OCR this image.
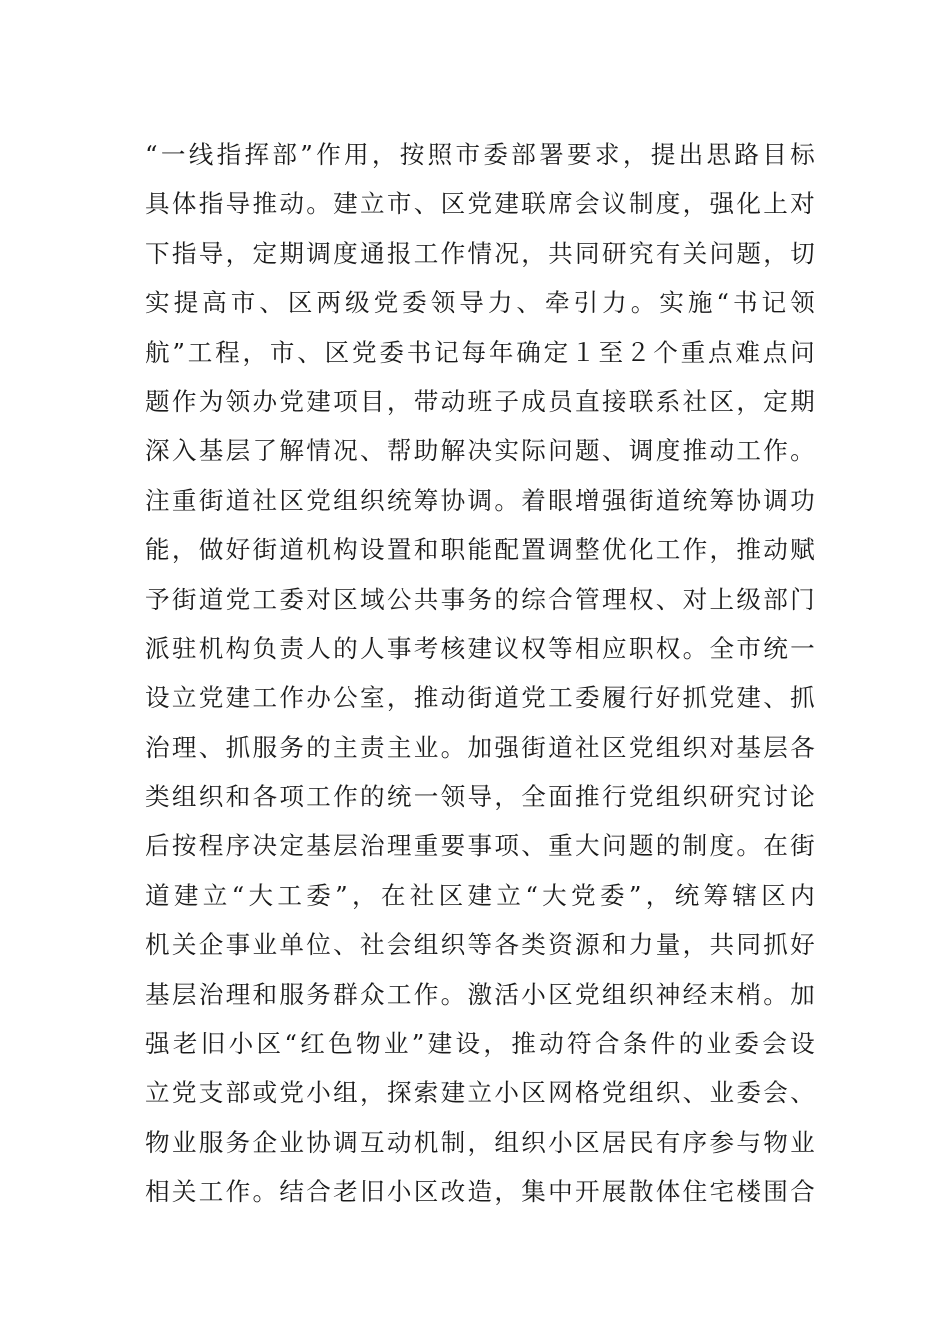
“一线指挥部”作用，按照市委部署要求，提出思路目标
具体指导推动。建立市、区党建联席会议制度，强化上对
下指导，定期调度通报工作情况，共同研究有关问题，切
实提高市、区两级党委领导力、牵引力。实施“书记领
航”工程，市、区党委书记每年确定１至２个重点难点问
题作为领办党建项目，带动班子成员直接联系社区，定期
深入基层了解情况、帮助解决实际问题、调度推动工作。
注重街道社区党组织统筹协调。着眼增强街道统筹协调功
能，做好街道机构设置和职能配置调整优化工作，推动赋
予街道党工委对区域公共事务的综合管理权、对上级部门
派驻机构负责人的人事考核建议权等相应职权。全市统一
设立党建工作办公室，推动街道党工委履行好抓党建、抓
治理、抓服务的主责主业。加强街道社区党组织对基层各
类组织和各项工作的统一领导，全面推行党组织研究讨论
后按程序决定基层治理重要事项、重大问题的制度。在街
道建立“大工委”，在社区建立“大党委”，统筹辖区内
机关企事业单位、社会组织等各类资源和力量，共同抓好
基层治理和服务群众工作。激活小区党组织神经末梢。加
强老旧小区“红色物业”建设，推动符合条件的业委会设
立党支部或党小组，探索建立小区网格党组织、业委会、
物业服务企业协调互动机制，组织小区居民有序参与物业
相关工作。结合老旧小区改造，集中开展散体住宅楼围合
